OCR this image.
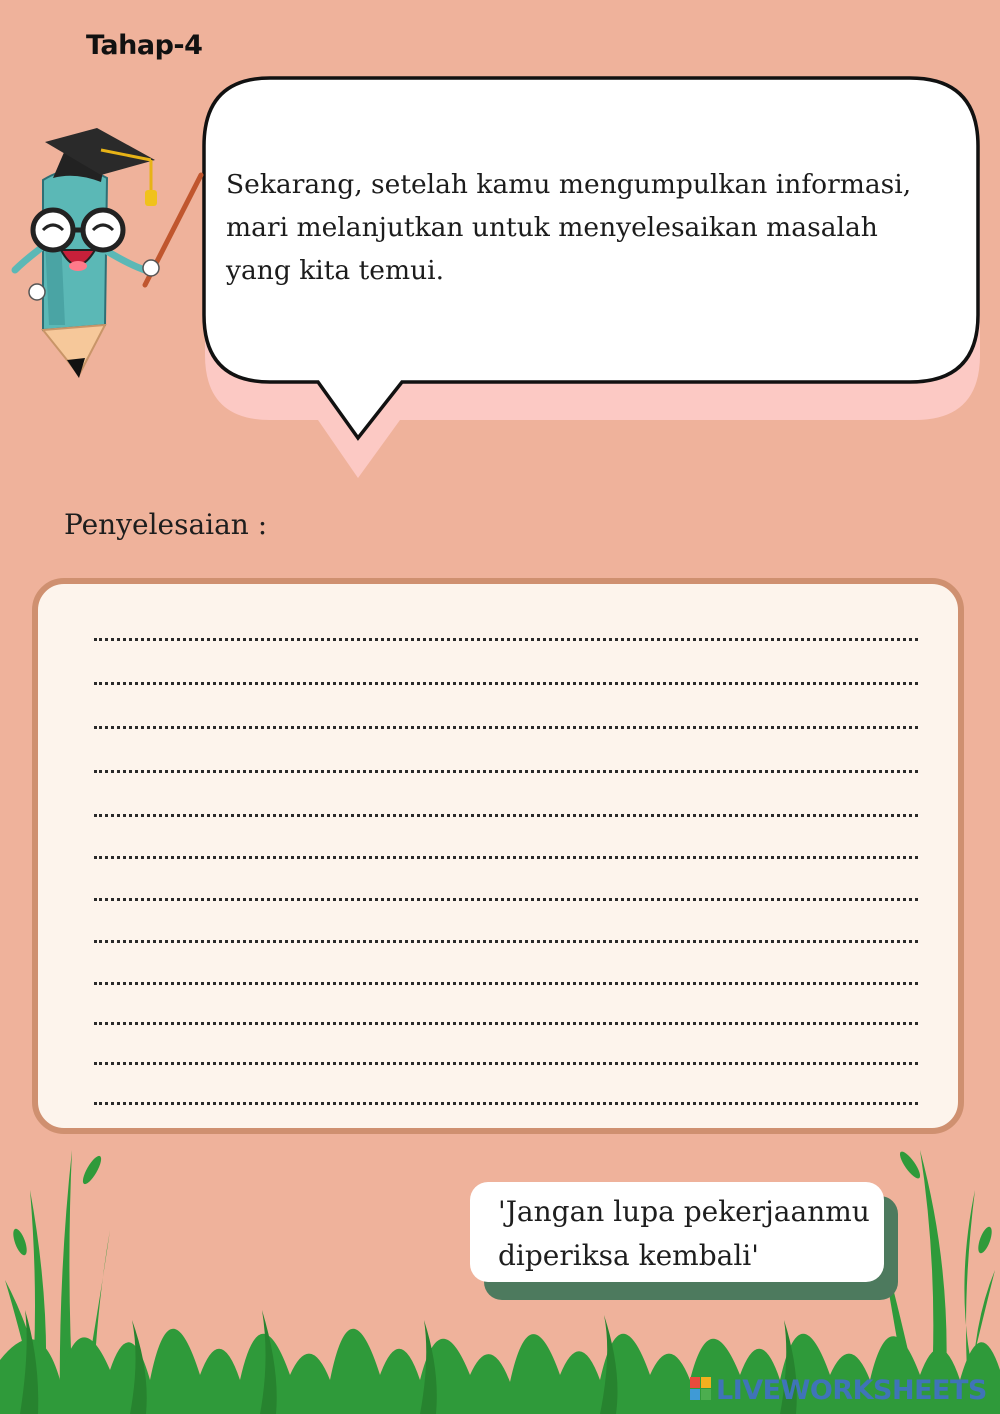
Tahap-4

Sekarang, setelah kamu mengumpulkan informasi, mari melanjutkan untuk menyelesaikan masalah yang kita temui.

Penyelesaian :

'Jangan lupa pekerjaanmu
diperiksa kembali'

LIVEWORKSHEETS
